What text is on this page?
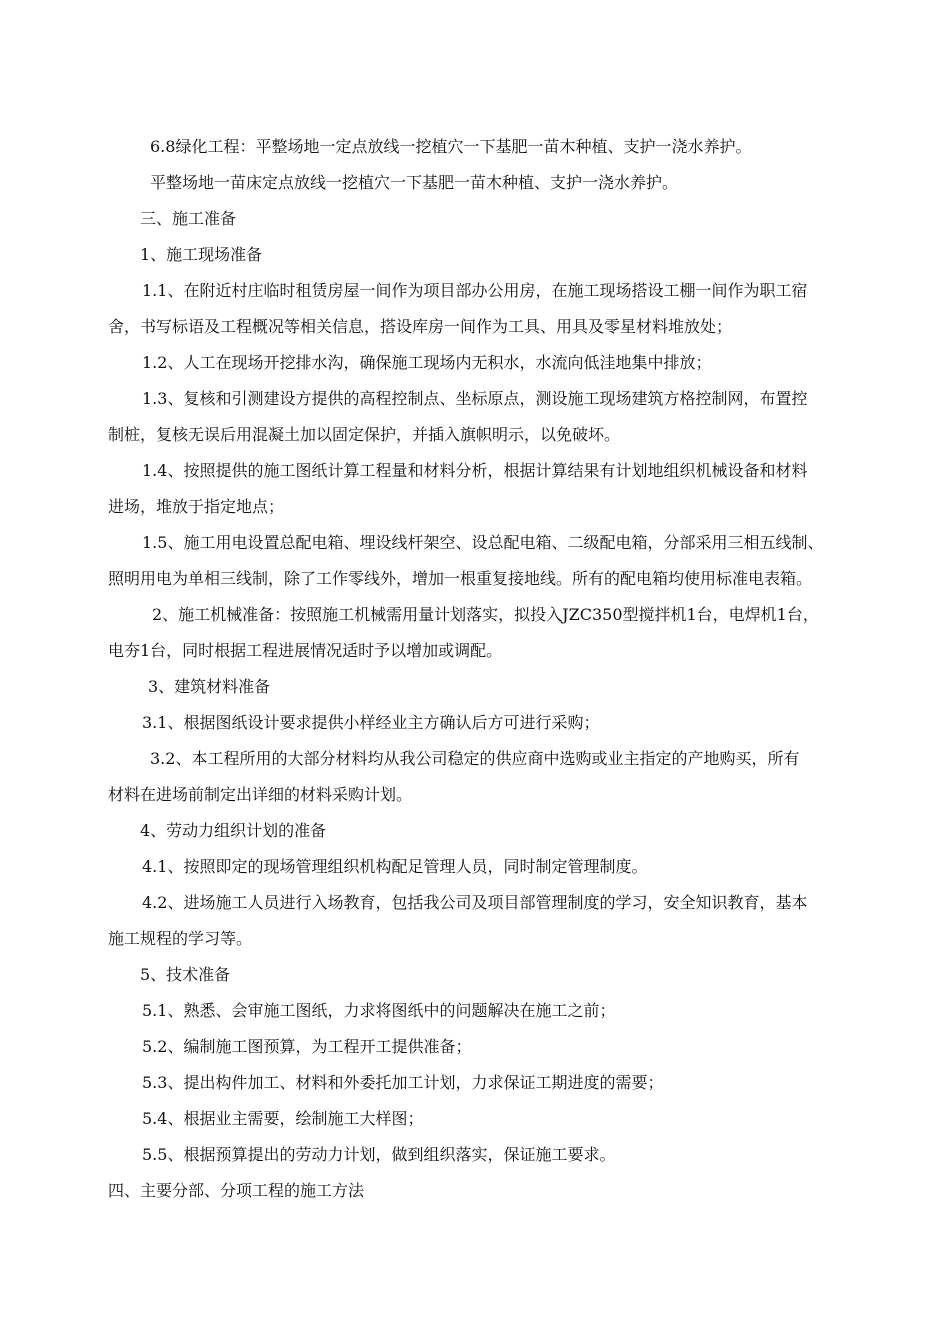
6.8绿化工程：平整场地一定点放线一挖植穴一下基肥一苗木种植、支护一浇水养护。
平整场地一苗床定点放线一挖植穴一下基肥一苗木种植、支护一浇水养护。
三、施工准备
1、施工现场准备
1.1、在附近村庄临时租赁房屋一间作为项目部办公用房，在施工现场搭设工棚一间作为职工宿
舍，书写标语及工程概况等相关信息，搭设库房一间作为工具、用具及零星材料堆放处；
1.2、人工在现场开挖排水沟，确保施工现场内无积水，水流向低洼地集中排放；
1.3、复核和引测建设方提供的高程控制点、坐标原点，测设施工现场建筑方格控制网，布置控
制桩，复核无误后用混凝土加以固定保护，并插入旗帜明示，以免破坏。
1.4、按照提供的施工图纸计算工程量和材料分析，根据计算结果有计划地组织机械设备和材料
进场，堆放于指定地点；
1.5、施工用电设置总配电箱、埋设线杆架空、设总配电箱、二级配电箱，分部采用三相五线制、
照明用电为单相三线制，除了工作零线外，增加一根重复接地线。所有的配电箱均使用标准电表箱。
2、施工机械准备：按照施工机械需用量计划落实，拟投入JZC350型搅拌机1台，电焊机1台，
电夯1台，同时根据工程进展情况适时予以增加或调配。
3、建筑材料准备
3.1、根据图纸设计要求提供小样经业主方确认后方可进行采购；
3.2、本工程所用的大部分材料均从我公司稳定的供应商中选购或业主指定的产地购买，所有
材料在进场前制定出详细的材料采购计划。
4、劳动力组织计划的准备
4.1、按照即定的现场管理组织机构配足管理人员，同时制定管理制度。
4.2、进场施工人员进行入场教育，包括我公司及项目部管理制度的学习，安全知识教育，基本
施工规程的学习等。
5、技术准备
5.1、熟悉、会审施工图纸，力求将图纸中的问题解决在施工之前；
5.2、编制施工图预算，为工程开工提供准备；
5.3、提出构件加工、材料和外委托加工计划，力求保证工期进度的需要；
5.4、根据业主需要，绘制施工大样图；
5.5、根据预算提出的劳动力计划，做到组织落实，保证施工要求。
四、主要分部、分项工程的施工方法
